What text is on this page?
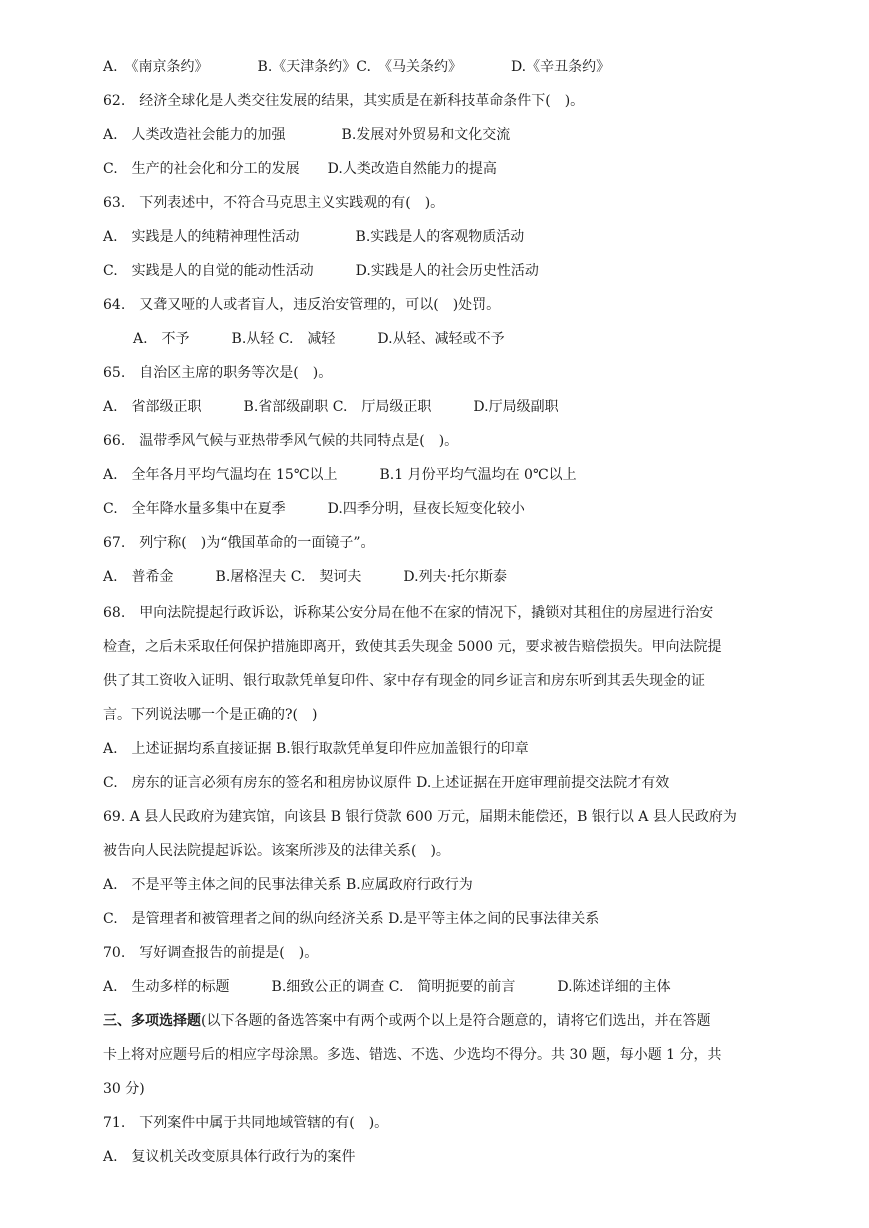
A.　《南京条约》　　　　B.《天津条约》C.　《马关条约》　　　　D.《辛丑条约》
62.　经济全球化是人类交往发展的结果，其实质是在新科技革命条件下(　)。
A.　人类改造社会能力的加强　　　　B.发展对外贸易和文化交流
C.　生产的社会化和分工的发展　　D.人类改造自然能力的提高
63.　下列表述中，不符合马克思主义实践观的有(　)。
A.　实践是人的纯精神理性活动　　　　B.实践是人的客观物质活动
C.　实践是人的自觉的能动性活动　　　D.实践是人的社会历史性活动
64.　又聋又哑的人或者盲人，违反治安管理的，可以(　)处罚。
A.　不予　　　B.从轻 C.　减轻　　　D.从轻、减轻或不予
65.　自治区主席的职务等次是(　)。
A.　省部级正职　　　B.省部级副职 C.　厅局级正职　　　D.厅局级副职
66.　温带季风气候与亚热带季风气候的共同特点是(　)。
A.　全年各月平均气温均在 15℃以上　　　B.1 月份平均气温均在 0℃以上
C.　全年降水量多集中在夏季　　　D.四季分明，昼夜长短变化较小
67.　列宁称(　)为“俄国革命的一面镜子”。
A.　普希金　　　B.屠格涅夫 C.　契诃夫　　　D.列夫·托尔斯泰
68.　甲向法院提起行政诉讼，诉称某公安分局在他不在家的情况下，撬锁对其租住的房屋进行治安
检查，之后未采取任何保护措施即离开，致使其丢失现金 5000 元，要求被告赔偿损失。甲向法院提
供了其工资收入证明、银行取款凭单复印件、家中存有现金的同乡证言和房东听到其丢失现金的证
言。下列说法哪一个是正确的?(　)
A.　上述证据均系直接证据 B.银行取款凭单复印件应加盖银行的印章
C.　房东的证言必须有房东的签名和租房协议原件 D.上述证据在开庭审理前提交法院才有效
69. A 县人民政府为建宾馆，向该县 B 银行贷款 600 万元，届期未能偿还，B 银行以 A 县人民政府为
被告向人民法院提起诉讼。该案所涉及的法律关系(　)。
A.　不是平等主体之间的民事法律关系 B.应属政府行政行为
C.　是管理者和被管理者之间的纵向经济关系 D.是平等主体之间的民事法律关系
70.　写好调查报告的前提是(　)。
A.　生动多样的标题　　　B.细致公正的调查 C.　简明扼要的前言　　　D.陈述详细的主体
三、多项选择题(以下各题的备选答案中有两个或两个以上是符合题意的，请将它们选出，并在答题
卡上将对应题号后的相应字母涂黑。多选、错选、不选、少选均不得分。共 30 题，每小题 1 分，共
30 分)
71.　下列案件中属于共同地域管辖的有(　)。
A.　复议机关改变原具体行政行为的案件
